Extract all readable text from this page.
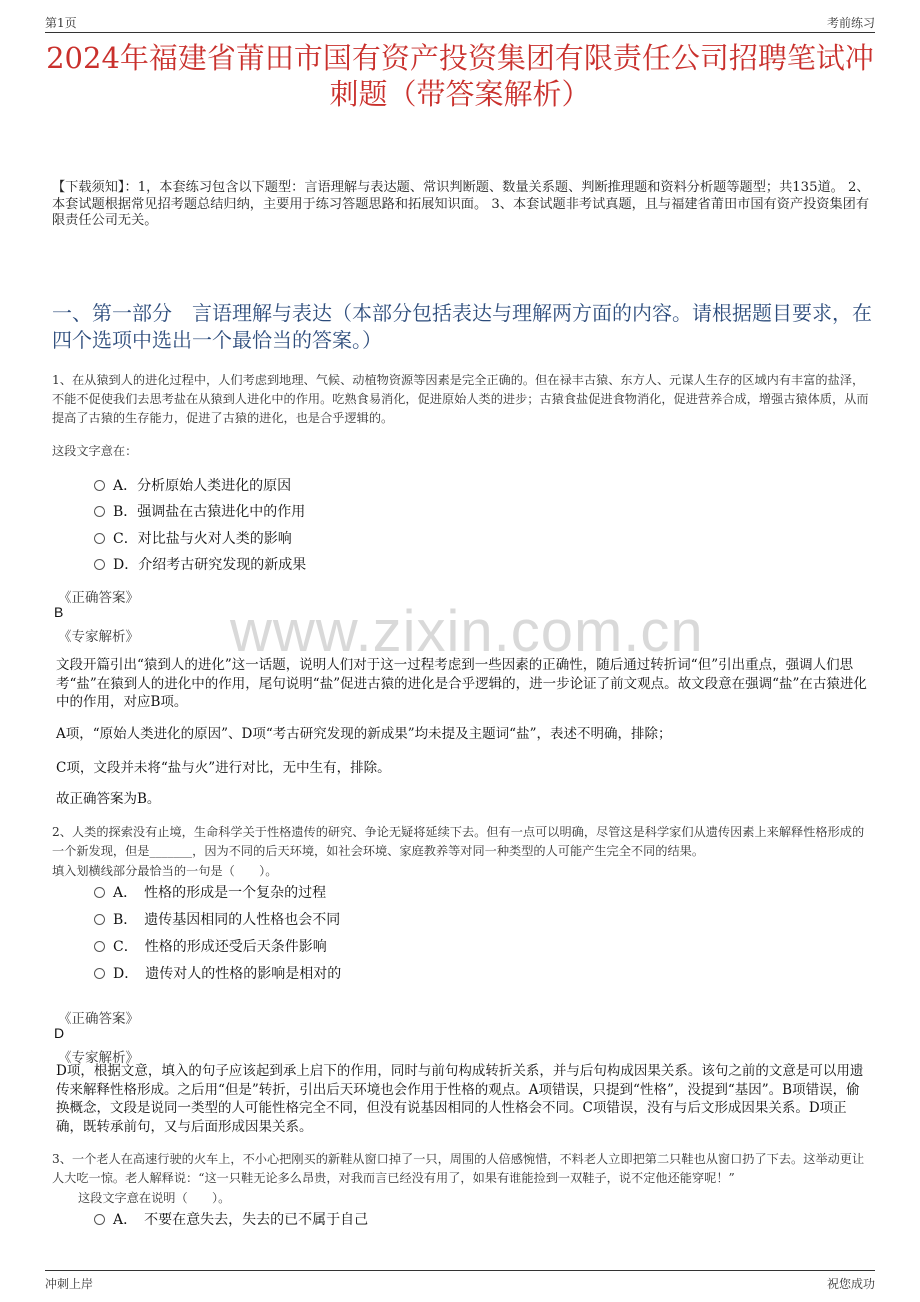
第1页	考前练习
2024年福建省莆田市国有资产投资集团有限责任公司招聘笔试冲刺题（带答案解析）
【下载须知】：1，本套练习包含以下题型：言语理解与表达题、常识判断题、数量关系题、判断推理题和资料分析题等题型；共135道。 2、本套试题根据常见招考题总结归纳，主要用于练习答题思路和拓展知识面。 3、本套试题非考试真题，且与福建省莆田市国有资产投资集团有限责任公司无关。
一、第一部分　言语理解与表达（本部分包括表达与理解两方面的内容。请根据题目要求，在四个选项中选出一个最恰当的答案。）
www.zixin.com.cn
1、在从猿到人的进化过程中，人们考虑到地理、气候、动植物资源等因素是完全正确的。但在禄丰古猿、东方人、元谋人生存的区域内有丰富的盐泽，不能不促使我们去思考盐在从猿到人进化中的作用。吃熟食易消化，促进原始人类的进步；古猿食盐促进食物消化，促进营养合成，增强古猿体质，从而提高了古猿的生存能力，促进了古猿的进化，也是合乎逻辑的。
这段文字意在：
A．分析原始人类进化的原因
B．强调盐在古猿进化中的作用
C．对比盐与火对人类的影响
D．介绍考古研究发现的新成果
《正确答案》
B
《专家解析》
文段开篇引出“猿到人的进化”这一话题，说明人们对于这一过程考虑到一些因素的正确性，随后通过转折词“但”引出重点，强调人们思考“盐”在猿到人的进化中的作用，尾句说明“盐”促进古猿的进化是合乎逻辑的，进一步论证了前文观点。故文段意在强调“盐”在古猿进化中的作用，对应B项。
A项，“原始人类进化的原因”、D项“考古研究发现的新成果”均未提及主题词“盐”，表述不明确，排除；
C项，文段并未将“盐与火”进行对比，无中生有，排除。
故正确答案为B。
2、人类的探索没有止境，生命科学关于性格遗传的研究、争论无疑将延续下去。但有一点可以明确，尽管这是科学家们从遗传因素上来解释性格形成的一个新发现，但是_______，因为不同的后天环境，如社会环境、家庭教养等对同一种类型的人可能产生完全不同的结果。
填入划横线部分最恰当的一句是（　　）。
A．　性格的形成是一个复杂的过程
B．　遗传基因相同的人性格也会不同
C．　性格的形成还受后天条件影响
D．　遗传对人的性格的影响是相对的
《正确答案》
D
《专家解析》
D项，根据文意，填入的句子应该起到承上启下的作用，同时与前句构成转折关系，并与后句构成因果关系。该句之前的文意是可以用遗传来解释性格形成。之后用“但是”转折，引出后天环境也会作用于性格的观点。A项错误，只提到“性格”，没提到“基因”。B项错误，偷换概念，文段是说同一类型的人可能性格完全不同，但没有说基因相同的人性格会不同。C项错误，没有与后文形成因果关系。D项正确，既转承前句，又与后面形成因果关系。
3、一个老人在高速行驶的火车上，不小心把刚买的新鞋从窗口掉了一只，周围的人倍感惋惜，不料老人立即把第二只鞋也从窗口扔了下去。这举动更让人大吃一惊。老人解释说：“这一只鞋无论多么昂贵，对我而言已经没有用了，如果有谁能捡到一双鞋子，说不定他还能穿呢！”
这段文字意在说明（　　）。
A．　不要在意失去，失去的已不属于自己
冲刺上岸	祝您成功
